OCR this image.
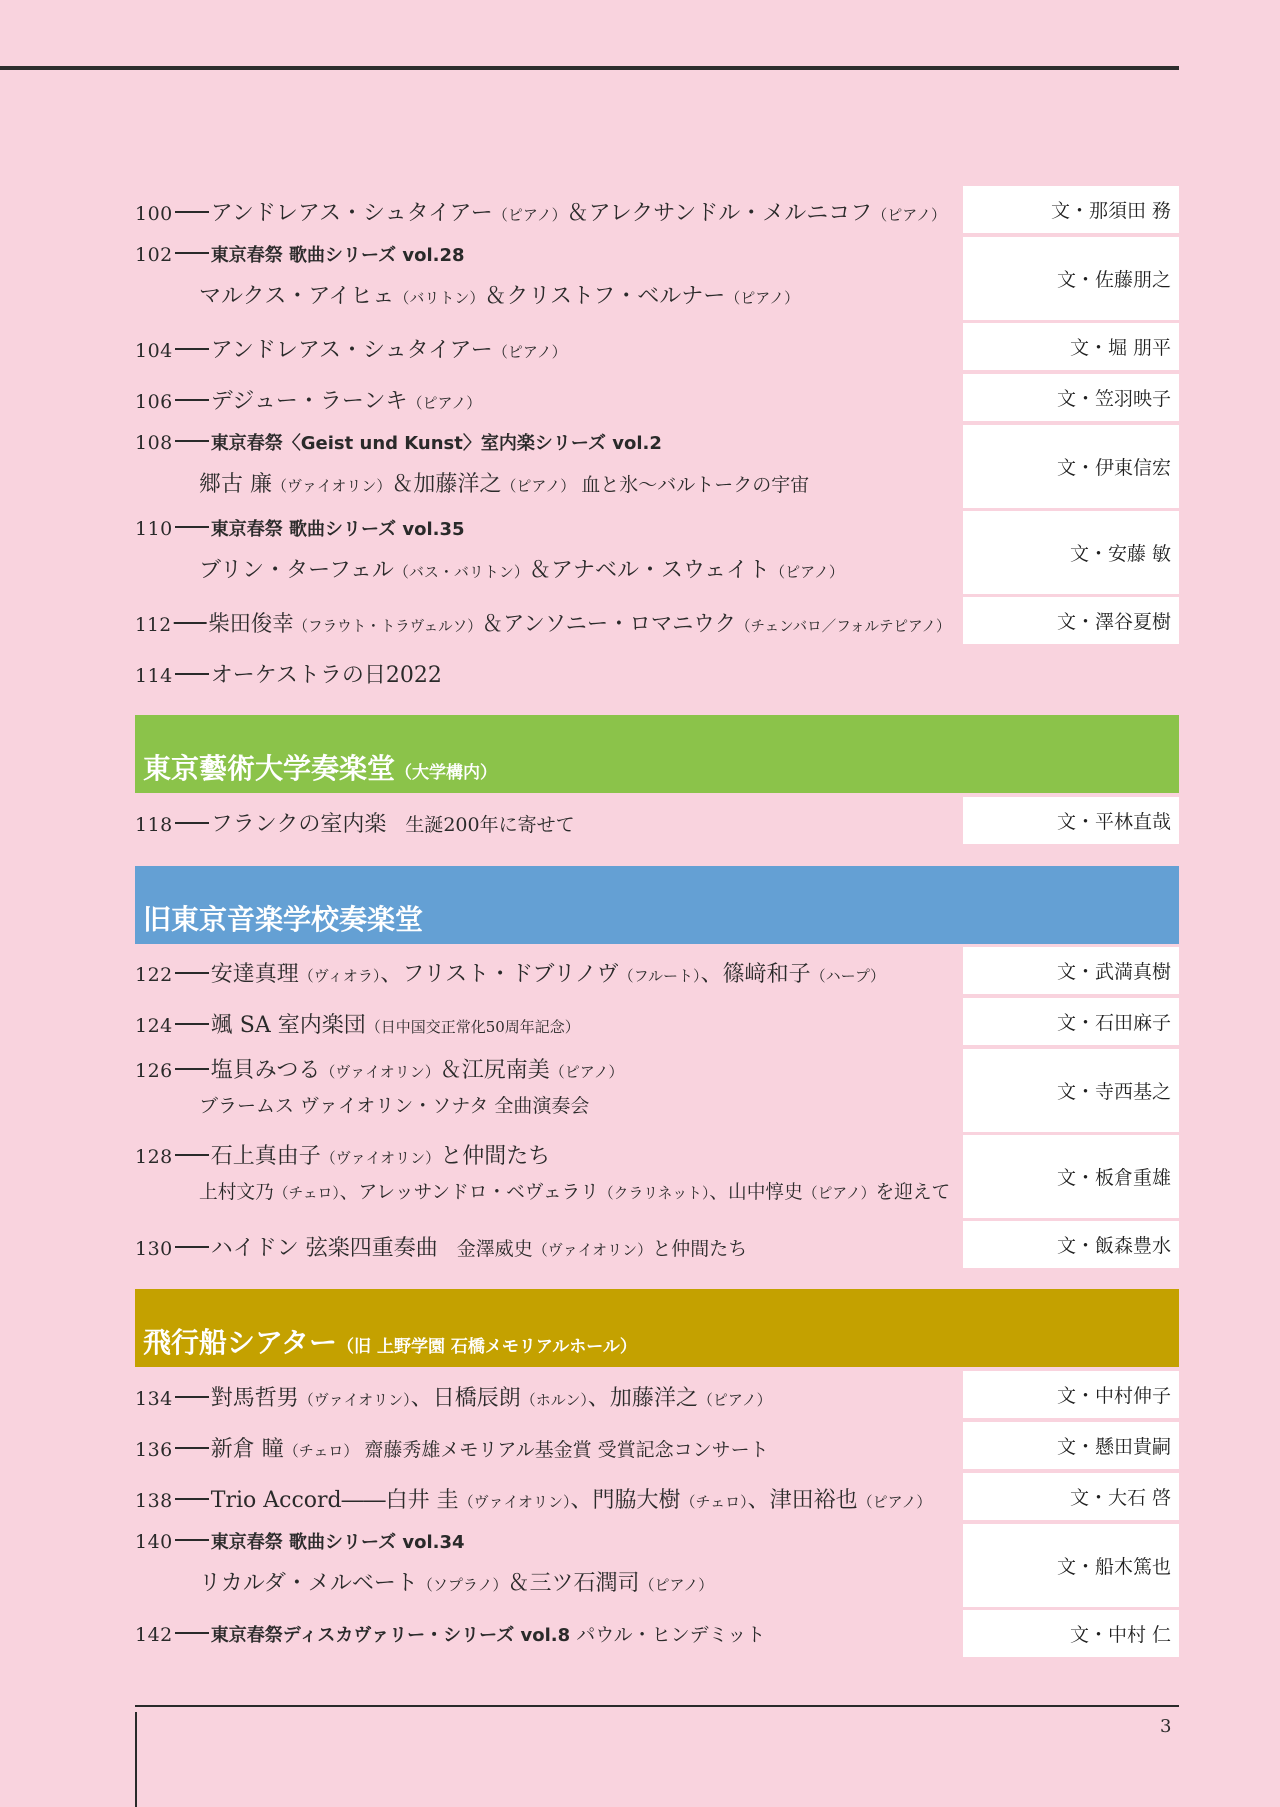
100 アンドレアス・シュタイアー（ピアノ）＆アレクサンドル・メルニコフ（ピアノ）	文・那須田 務
102 東京春祭 歌曲シリーズ vol.28
マルクス・アイヒェ（バリトン）＆クリストフ・ベルナー（ピアノ）
文・佐藤朋之
104 アンドレアス・シュタイアー（ピアノ）	文・堀 朋平
106 デジュー・ラーンキ（ピアノ）	文・笠羽映子
108 東京春祭〈Geist und Kunst〉室内楽シリーズ vol.2
郷古 廉（ヴァイオリン）＆加藤洋之（ピアノ） 血と氷〜バルトークの宇宙
文・伊東信宏
110 東京春祭 歌曲シリーズ vol.35
ブリン・ターフェル（バス・バリトン）＆アナベル・スウェイト（ピアノ）
文・安藤 敏
112 柴田俊幸（フラウト・トラヴェルソ）＆アンソニー・ロマニウク（チェンバロ／フォルテピアノ）	文・澤谷夏樹
114 オーケストラの日2022
東京藝術大学奏楽堂（大学構内）
118 フランクの室内楽　生誕200年に寄せて	文・平林直哉
旧東京音楽学校奏楽堂
122 安達真理（ヴィオラ）、フリスト・ドブリノヴ（フルート）、篠﨑和子（ハープ）	文・武満真樹
124 颯 SA 室内楽団（日中国交正常化50周年記念）	文・石田麻子
126 塩貝みつる（ヴァイオリン）＆江尻南美（ピアノ）
ブラームス ヴァイオリン・ソナタ 全曲演奏会
文・寺西基之
128 石上真由子（ヴァイオリン）と仲間たち
上村文乃（チェロ）、アレッサンドロ・ベヴェラリ（クラリネット）、山中惇史（ピアノ）を迎えて
文・板倉重雄
130 ハイドン 弦楽四重奏曲　金澤威史（ヴァイオリン）と仲間たち	文・飯森豊水
飛行船シアター（旧 上野学園 石橋メモリアルホール）
134 對馬哲男（ヴァイオリン）、日橋辰朗（ホルン）、加藤洋之（ピアノ）	文・中村伸子
136 新倉 瞳（チェロ） 齋藤秀雄メモリアル基金賞 受賞記念コンサート	文・懸田貴嗣
138 Trio Accord――白井 圭（ヴァイオリン）、門脇大樹（チェロ）、津田裕也（ピアノ）	文・大石 啓
140 東京春祭 歌曲シリーズ vol.34
リカルダ・メルベート（ソプラノ）＆三ツ石潤司（ピアノ）
文・船木篤也
142 東京春祭ディスカヴァリー・シリーズ vol.8 パウル・ヒンデミット	文・中村 仁
3
